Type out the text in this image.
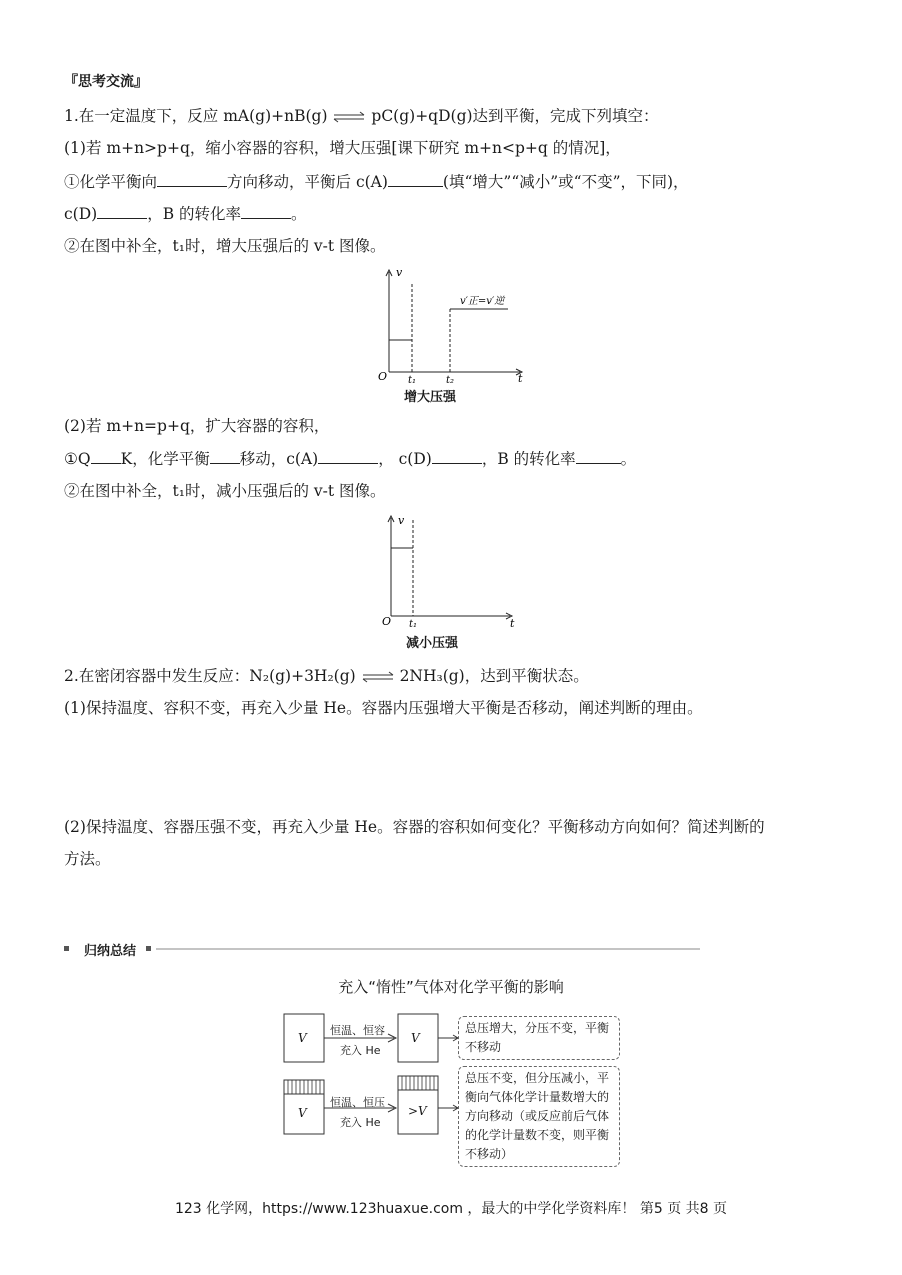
『思考交流』
1.在一定温度下，反应 mA(g)+nB(g) ⇌ pC(g)+qD(g)达到平衡，完成下列填空：
(1)若 m+n>p+q，缩小容器的容积，增大压强[课下研究 m+n<p+q 的情况]，
①化学平衡向	方向移动，平衡后 c(A)	(填“增大”“减小”或“不变”，下同)，
c(D)	，B 的转化率	。
②在图中补全，t₁时，增大压强后的 v-t 图像。
v
t
O t₁	t₂
v′正=v′逆
增大压强
(2)若 m+n=p+q，扩大容器的容积，
①Q K，化学平衡 移动，c(A)	， c(D)	，B 的转化率	。
②在图中补全，t₁时，减小压强后的 v-t 图像。
v
t
O t₁
减小压强
2.在密闭容器中发生反应：N₂(g)+3H₂(g) ⇌ 2NH₃(g)，达到平衡状态。
(1)保持温度、容积不变，再充入少量 He。容器内压强增大平衡是否移动，阐述判断的理由。
(2)保持温度、容器压强不变，再充入少量 He。容器的容积如何变化？平衡移动方向如何？简述判断的
方法。
归纳总结
充入“惰性”气体对化学平衡的影响
V	V
恒温、恒容
充入 He
总压增大，分压不变，平衡不移动
V	>V
恒温、恒压
充入 He
总压不变，但分压减小，平衡向气体化学计量数增大的方向移动（或反应前后气体的化学计量数不变，则平衡不移动）
123 化学网，https://www.123huaxue.com ，最大的中学化学资料库！ 第5 页 共8 页
